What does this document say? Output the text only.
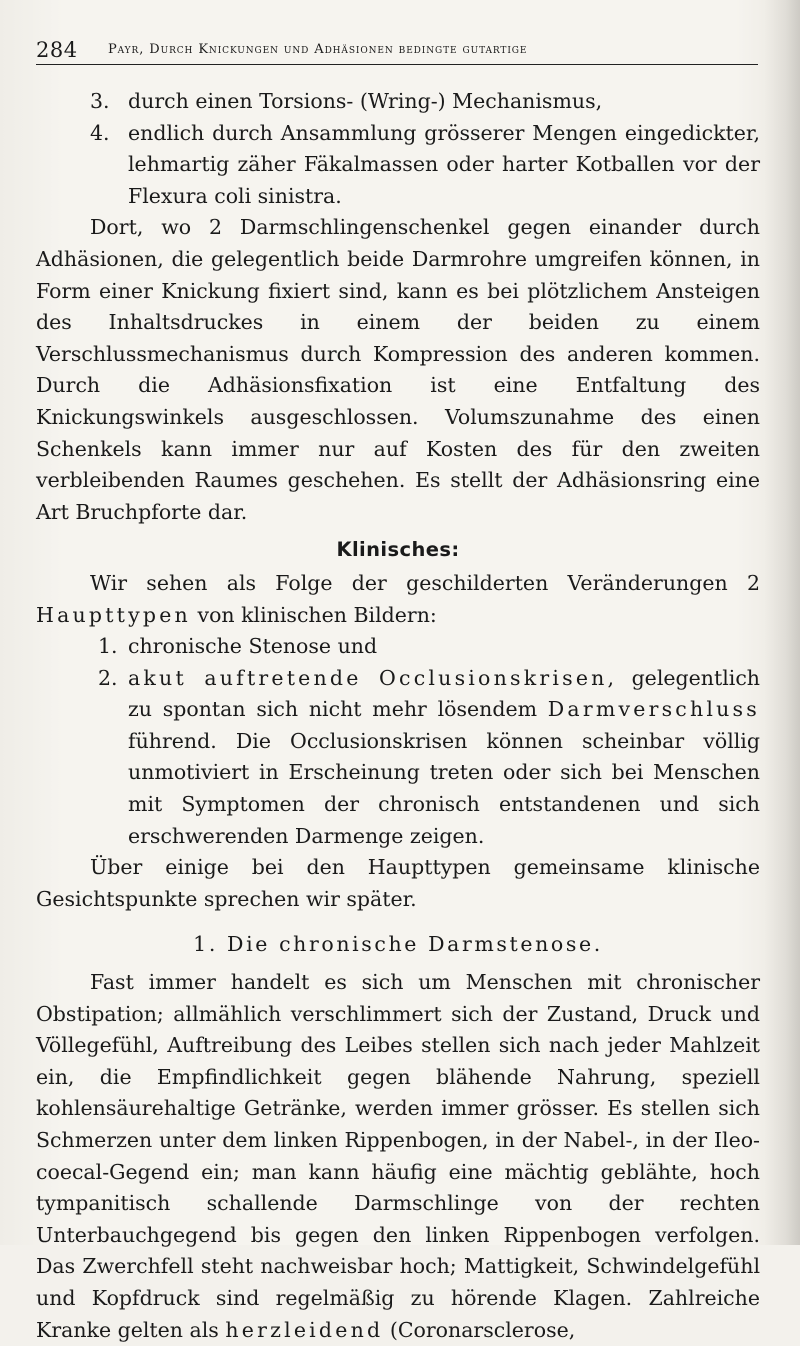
284 Payr, Durch Knickungen und Adhäsionen bedingte gutartige
3. durch einen Torsions- (Wring-) Mechanismus,
4. endlich durch Ansammlung grösserer Mengen eingedickter, lehmartig zäher Fäkalmassen oder harter Kotballen vor der Flexura coli sinistra.

Dort, wo 2 Darmschlingenschenkel gegen einander durch Adhäsionen, die gelegentlich beide Darmrohre umgreifen können, in Form einer Knickung fixiert sind, kann es bei plötzlichem Ansteigen des Inhaltsdruckes in einem der beiden zu einem Verschlussmechanismus durch Kompression des anderen kommen. Durch die Adhäsionsfixation ist eine Entfaltung des Knickungswinkels ausgeschlossen. Volumszunahme des einen Schenkels kann immer nur auf Kosten des für den zweiten verbleibenden Raumes geschehen. Es stellt der Adhäsionsring eine Art Bruchpforte dar.

Klinisches:

Wir sehen als Folge der geschilderten Veränderungen 2 Haupttypen von klinischen Bildern:

1. chronische Stenose und
2. akut auftretende Occlusionskrisen, gelegentlich zu spontan sich nicht mehr lösendem Darmverschluss führend. Die Occlusionskrisen können scheinbar völlig unmotiviert in Erscheinung treten oder sich bei Menschen mit Symptomen der chronisch entstandenen und sich erschwerenden Darmenge zeigen.

Über einige bei den Haupttypen gemeinsame klinische Gesichtspunkte sprechen wir später.

1. Die chronische Darmstenose.

Fast immer handelt es sich um Menschen mit chronischer Obstipation; allmählich verschlimmert sich der Zustand, Druck und Völlegefühl, Auftreibung des Leibes stellen sich nach jeder Mahlzeit ein, die Empfindlichkeit gegen blähende Nahrung, speziell kohlensäurehaltige Getränke, werden immer grösser. Es stellen sich Schmerzen unter dem linken Rippenbogen, in der Nabel-, in der Ileo-coecal-Gegend ein; man kann häufig eine mächtig geblähte, hoch tympanitisch schallende Darmschlinge von der rechten Unterbauchgegend bis gegen den linken Rippenbogen verfolgen. Das Zwerchfell steht nachweisbar hoch; Mattigkeit, Schwindelgefühl und Kopfdruck sind regelmäßig zu hörende Klagen. Zahlreiche Kranke gelten als herzleidend (Coronarsclerose,
